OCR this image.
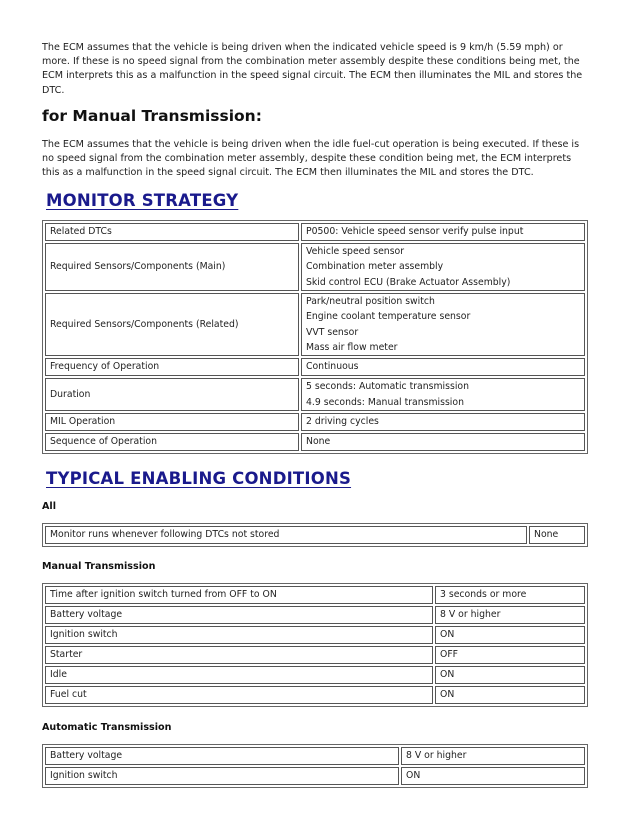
The ECM assumes that the vehicle is being driven when the indicated vehicle speed is 9 km/h (5.59 mph) or more. If these is no speed signal from the combination meter assembly despite these conditions being met, the ECM interprets this as a malfunction in the speed signal circuit. The ECM then illuminates the MIL and stores the DTC.

for Manual Transmission:

The ECM assumes that the vehicle is being driven when the idle fuel-cut operation is being executed. If these is no speed signal from the combination meter assembly, despite these condition being met, the ECM interprets this as a malfunction in the speed signal circuit. The ECM then illuminates the MIL and stores the DTC.

MONITOR STRATEGY
Related DTCs	P0500: Vehicle speed sensor verify pulse input

Required Sensors/Components (Main)	Vehicle speed sensor
Combination meter assembly
Skid control ECU (Brake Actuator Assembly)

Required Sensors/Components (Related)	Park/neutral position switch
Engine coolant temperature sensor
VVT sensor
Mass air flow meter

Frequency of Operation	Continuous

Duration	5 seconds: Automatic transmission
4.9 seconds: Manual transmission

MIL Operation	2 driving cycles

Sequence of Operation	None
TYPICAL ENABLING CONDITIONS
All
Monitor runs whenever following DTCs not stored	None
Manual Transmission
Time after ignition switch turned from OFF to ON	3 seconds or more
Battery voltage	8 V or higher
Ignition switch	ON
Starter	OFF
Idle	ON
Fuel cut	ON
Automatic Transmission
Battery voltage	8 V or higher
Ignition switch	ON
